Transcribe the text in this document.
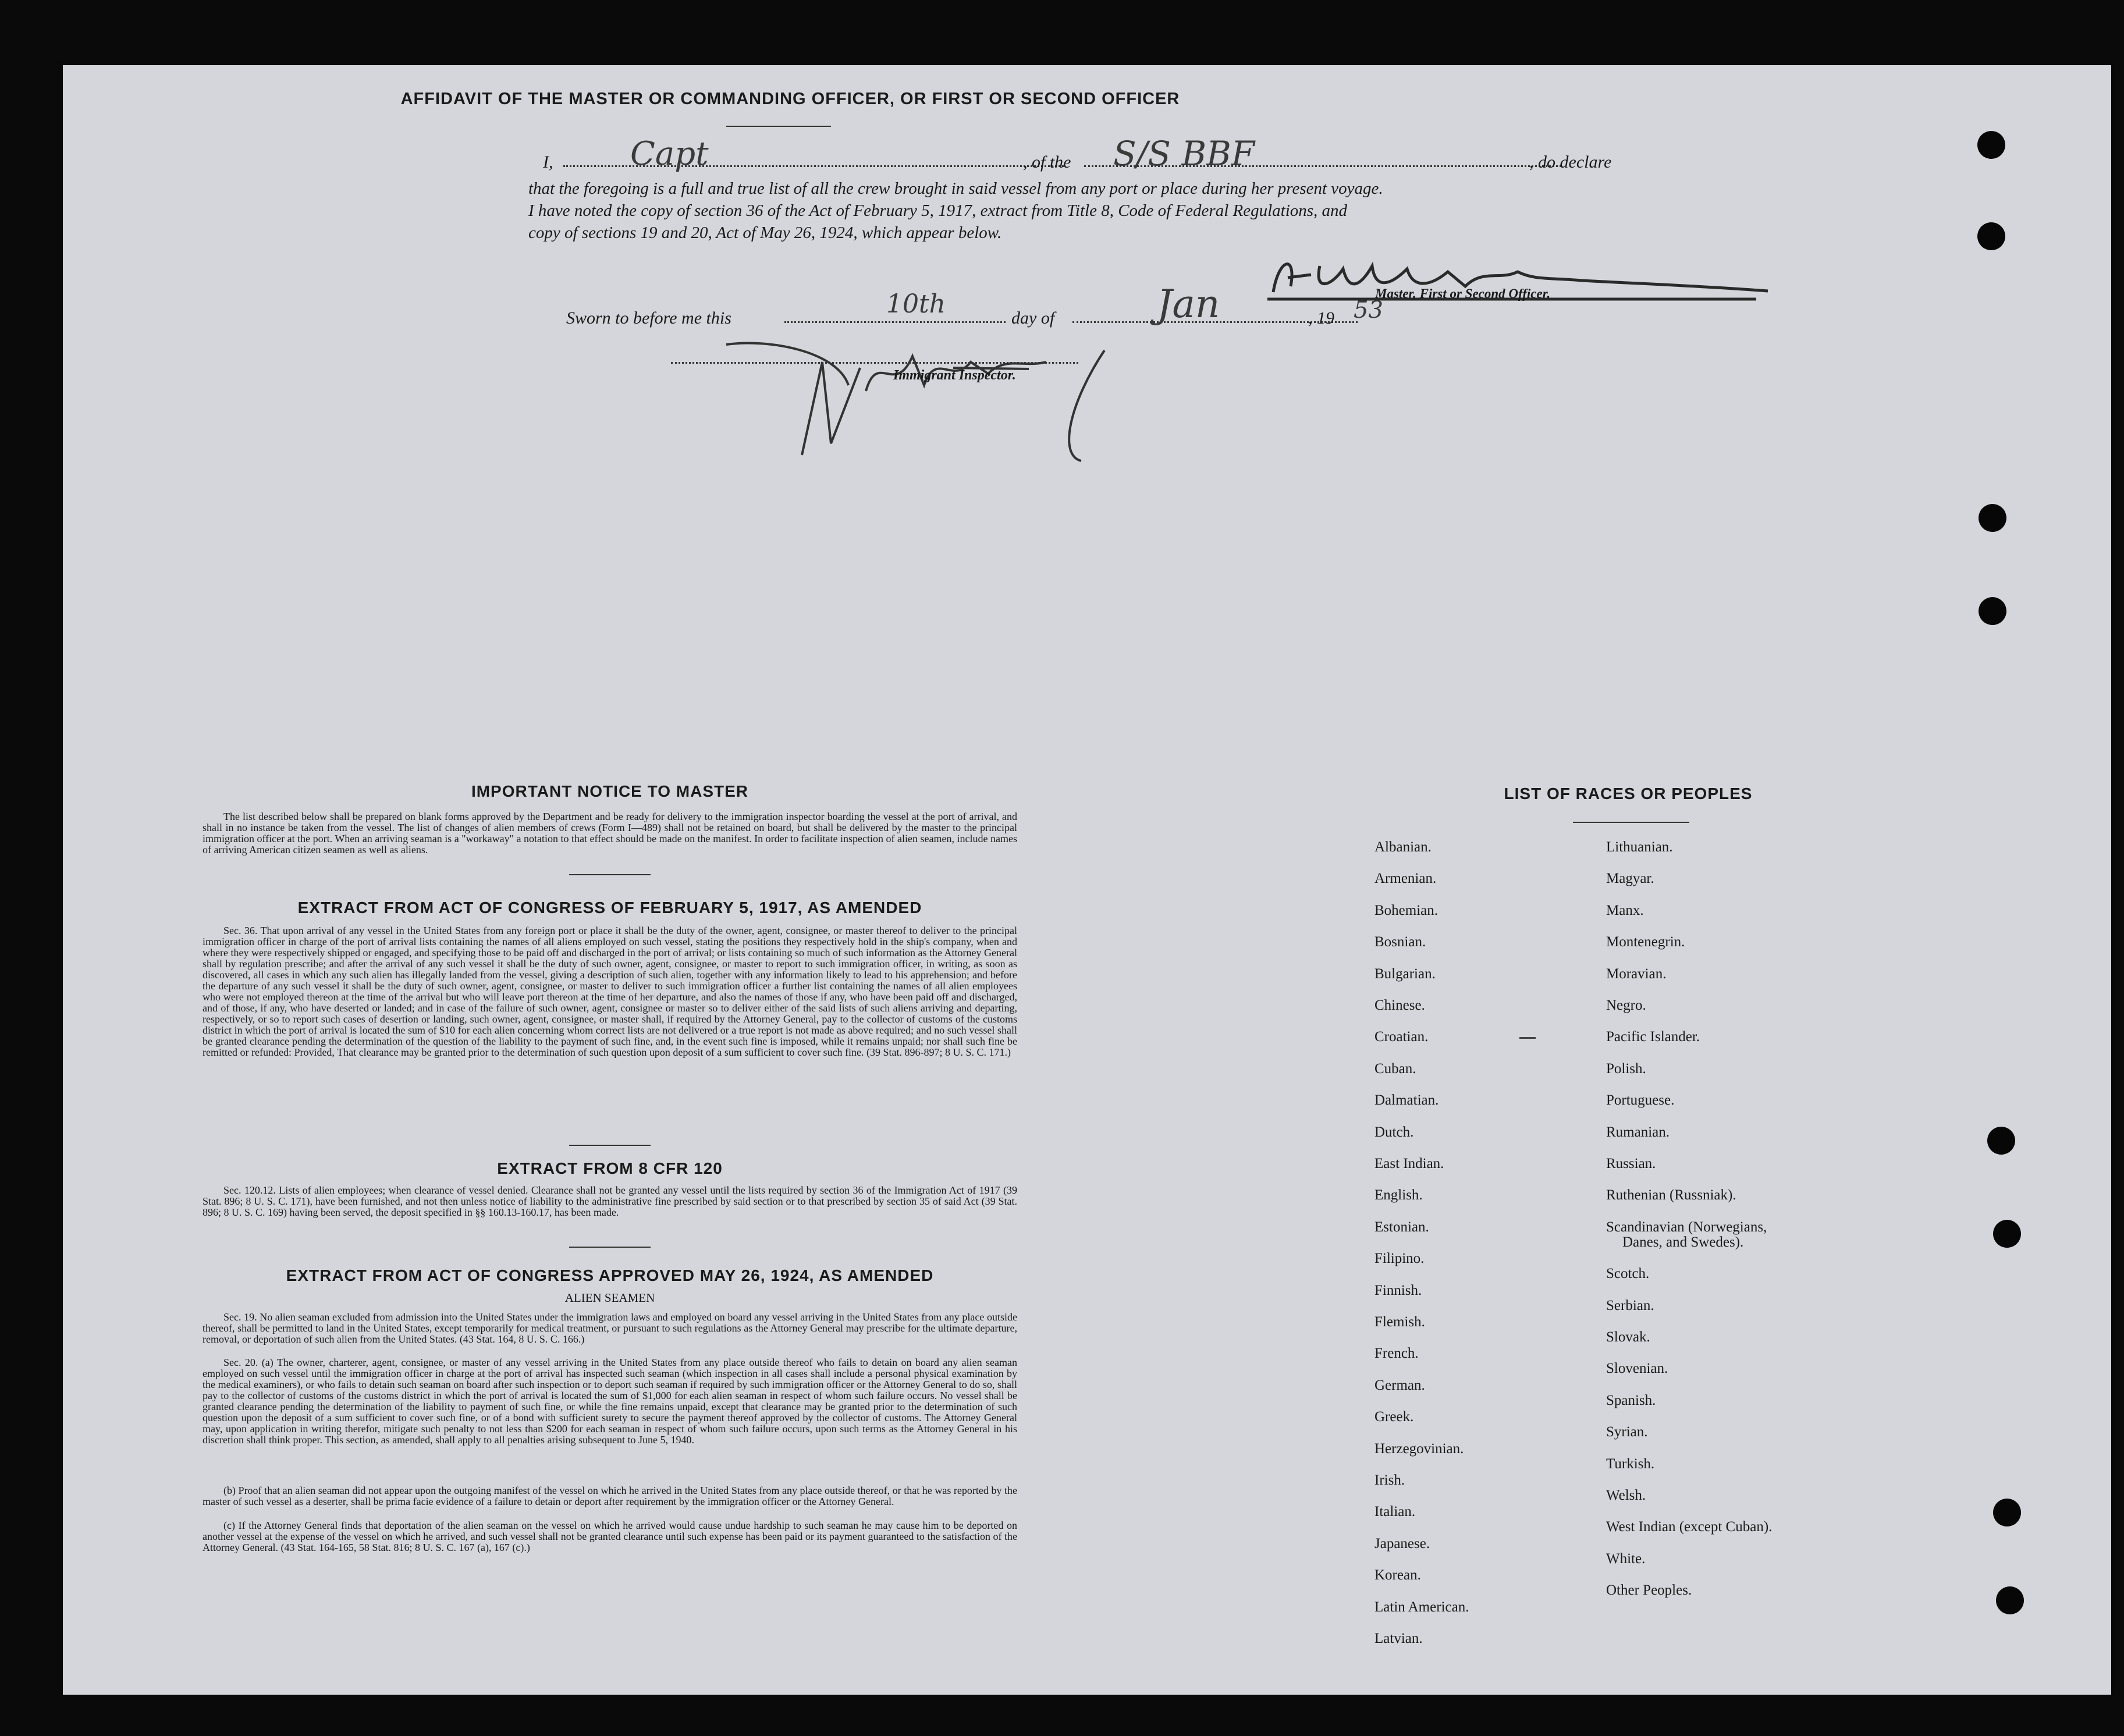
AFFIDAVIT OF THE MASTER OR COMMANDING OFFICER, OR FIRST OR SECOND OFFICER
I, Capt	, of the S/S BBF	, do declare
that the foregoing is a full and true list of all the crew brought in said vessel from any port or place during her present voyage.
I have noted the copy of section 36 of the Act of February 5, 1917, extract from Title 8, Code of Federal Regulations, and
copy of sections 19 and 20, Act of May 26, 1924, which appear below.
Master, First or Second Officer.
Sworn to before me this	10th	day of	Jan	, 19 53
Immigrant Inspector.
IMPORTANT NOTICE TO MASTER
The list described below shall be prepared on blank forms approved by the Department and be ready for delivery to the immigration inspector boarding the vessel at the port of arrival, and shall in no instance be taken from the vessel. The list of changes of alien members of crews (Form I—489) shall not be retained on board, but shall be delivered by the master to the principal immigration officer at the port. When an arriving seaman is a "workaway" a notation to that effect should be made on the manifest. In order to facilitate inspection of alien seamen, include names of arriving American citizen seamen as well as aliens.
EXTRACT FROM ACT OF CONGRESS OF FEBRUARY 5, 1917, AS AMENDED
Sec. 36. That upon arrival of any vessel in the United States from any foreign port or place it shall be the duty of the owner, agent, consignee, or master thereof to deliver to the principal immigration officer in charge of the port of arrival lists containing the names of all aliens employed on such vessel, stating the positions they respectively hold in the ship's company, when and where they were respectively shipped or engaged, and specifying those to be paid off and discharged in the port of arrival; or lists containing so much of such information as the Attorney General shall by regulation prescribe; and after the arrival of any such vessel it shall be the duty of such owner, agent, consignee, or master to report to such immigration officer, in writing, as soon as discovered, all cases in which any such alien has illegally landed from the vessel, giving a description of such alien, together with any information likely to lead to his apprehension; and before the departure of any such vessel it shall be the duty of such owner, agent, consignee, or master to deliver to such immigration officer a further list containing the names of all alien employees who were not employed thereon at the time of the arrival but who will leave port thereon at the time of her departure, and also the names of those if any, who have been paid off and discharged, and of those, if any, who have deserted or landed; and in case of the failure of such owner, agent, consignee or master so to deliver either of the said lists of such aliens arriving and departing, respectively, or so to report such cases of desertion or landing, such owner, agent, consignee, or master shall, if required by the Attorney General, pay to the collector of customs of the customs district in which the port of arrival is located the sum of $10 for each alien concerning whom correct lists are not delivered or a true report is not made as above required; and no such vessel shall be granted clearance pending the determination of the question of the liability to the payment of such fine, and, in the event such fine is imposed, while it remains unpaid; nor shall such fine be remitted or refunded: Provided, That clearance may be granted prior to the determination of such question upon deposit of a sum sufficient to cover such fine. (39 Stat. 896-897; 8 U. S. C. 171.)
EXTRACT FROM 8 CFR 120
Sec. 120.12. Lists of alien employees; when clearance of vessel denied. Clearance shall not be granted any vessel until the lists required by section 36 of the Immigration Act of 1917 (39 Stat. 896; 8 U. S. C. 171), have been furnished, and not then unless notice of liability to the administrative fine prescribed by said section or to that prescribed by section 35 of said Act (39 Stat. 896; 8 U. S. C. 169) having been served, the deposit specified in §§ 160.13-160.17, has been made.
EXTRACT FROM ACT OF CONGRESS APPROVED MAY 26, 1924, AS AMENDED
ALIEN SEAMEN
Sec. 19. No alien seaman excluded from admission into the United States under the immigration laws and employed on board any vessel arriving in the United States from any place outside thereof, shall be permitted to land in the United States, except temporarily for medical treatment, or pursuant to such regulations as the Attorney General may prescribe for the ultimate departure, removal, or deportation of such alien from the United States. (43 Stat. 164, 8 U. S. C. 166.)
Sec. 20. (a) The owner, charterer, agent, consignee, or master of any vessel arriving in the United States from any place outside thereof who fails to detain on board any alien seaman employed on such vessel until the immigration officer in charge at the port of arrival has inspected such seaman (which inspection in all cases shall include a personal physical examination by the medical examiners), or who fails to detain such seaman on board after such inspection or to deport such seaman if required by such immigration officer or the Attorney General to do so, shall pay to the collector of customs of the customs district in which the port of arrival is located the sum of $1,000 for each alien seaman in respect of whom such failure occurs. No vessel shall be granted clearance pending the determination of the liability to payment of such fine, or while the fine remains unpaid, except that clearance may be granted prior to the determination of such question upon the deposit of a sum sufficient to cover such fine, or of a bond with sufficient surety to secure the payment thereof approved by the collector of customs. The Attorney General may, upon application in writing therefor, mitigate such penalty to not less than $200 for each seaman in respect of whom such failure occurs, upon such terms as the Attorney General in his discretion shall think proper. This section, as amended, shall apply to all penalties arising subsequent to June 5, 1940.
(b) Proof that an alien seaman did not appear upon the outgoing manifest of the vessel on which he arrived in the United States from any place outside thereof, or that he was reported by the master of such vessel as a deserter, shall be prima facie evidence of a failure to detain or deport after requirement by the immigration officer or the Attorney General.
(c) If the Attorney General finds that deportation of the alien seaman on the vessel on which he arrived would cause undue hardship to such seaman he may cause him to be deported on another vessel at the expense of the vessel on which he arrived, and such vessel shall not be granted clearance until such expense has been paid or its payment guaranteed to the satisfaction of the Attorney General. (43 Stat. 164-165, 58 Stat. 816; 8 U. S. C. 167 (a), 167 (c).)
LIST OF RACES OR PEOPLES
Albanian.
Armenian.
Bohemian.
Bosnian.
Bulgarian.
Chinese.
Croatian.
Cuban.
Dalmatian.
Dutch.
East Indian.
English.
Estonian.
Filipino.
Finnish.
Flemish.
French.
German.
Greek.
Herzegovinian.
Irish.
Italian.
Japanese.
Korean.
Latin American.
Latvian.
Lithuanian.
Magyar.
Manx.
Montenegrin.
Moravian.
Negro.
Pacific Islander.
Polish.
Portuguese.
Rumanian.
Russian.
Ruthenian (Russniak).
Scandinavian (Norwegians,
Danes, and Swedes).
Scotch.
Serbian.
Slovak.
Slovenian.
Spanish.
Syrian.
Turkish.
Welsh.
West Indian (except Cuban).
White.
Other Peoples.
